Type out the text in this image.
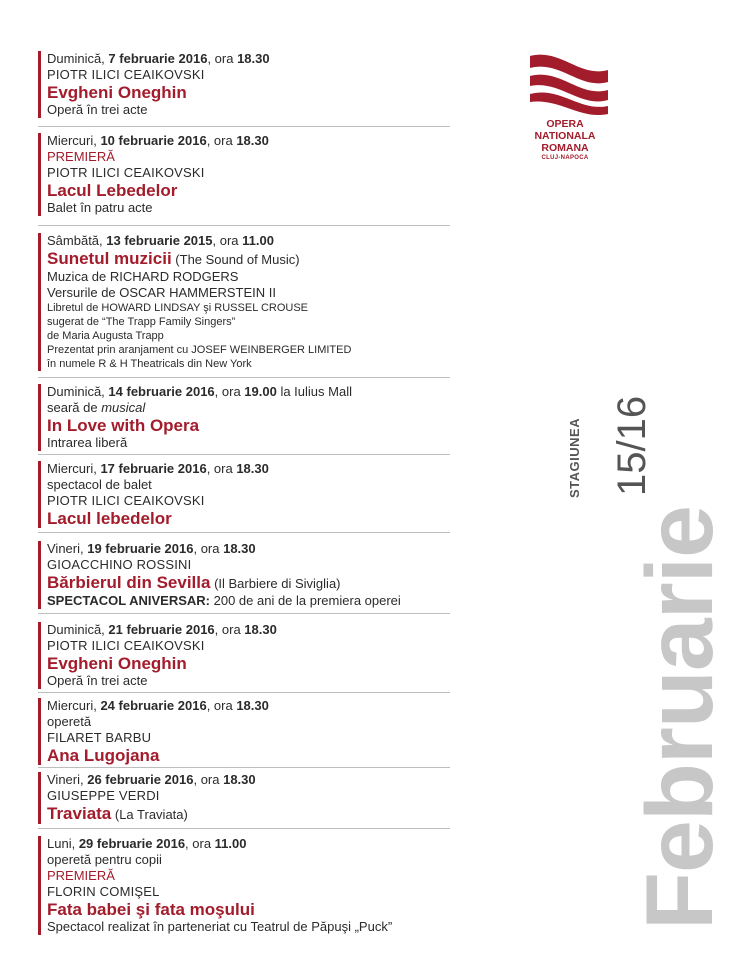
OPERA
NATIONALA
ROMANA
CLUJ-NAPOCA
Februarie
15/16
STAGIUNEA
Duminică, 7 februarie 2016, ora 18.30
PIOTR ILICI CEAIKOVSKI
Evgheni Oneghin
Operă în trei acte
Miercuri, 10 februarie 2016, ora 18.30
PREMIERĂ
PIOTR ILICI CEAIKOVSKI
Lacul Lebedelor
Balet în patru acte
Sâmbătă, 13 februarie 2015, ora 11.00
Sunetul muzicii (The Sound of Music)
Muzica de RICHARD RODGERS
Versurile de OSCAR HAMMERSTEIN II
Libretul de HOWARD LINDSAY şi RUSSEL CROUSE
sugerat de “The Trapp Family Singers”
de Maria Augusta Trapp
Prezentat prin aranjament cu JOSEF WEINBERGER LIMITED
în numele R & H Theatricals din New York
Duminică, 14 februarie 2016, ora 19.00 la Iulius Mall
seară de musical
In Love with Opera
Intrarea liberă
Miercuri, 17 februarie 2016, ora 18.30
spectacol de balet
PIOTR ILICI CEAIKOVSKI
Lacul lebedelor
Vineri, 19 februarie 2016, ora 18.30
GIOACCHINO ROSSINI
Bărbierul din Sevilla (Il Barbiere di Siviglia)
SPECTACOL ANIVERSAR: 200 de ani de la premiera operei
Duminică, 21 februarie 2016, ora 18.30
PIOTR ILICI CEAIKOVSKI
Evgheni Oneghin
Operă în trei acte
Miercuri, 24 februarie 2016, ora 18.30
operetă
FILARET BARBU
Ana Lugojana
Vineri, 26 februarie 2016, ora 18.30
GIUSEPPE VERDI
Traviata (La Traviata)
Luni, 29 februarie 2016, ora 11.00
operetă pentru copii
PREMIERĂ
FLORIN COMIŞEL
Fata babei şi fata moşului
Spectacol realizat în parteneriat cu Teatrul de Păpuşi „Puck”
